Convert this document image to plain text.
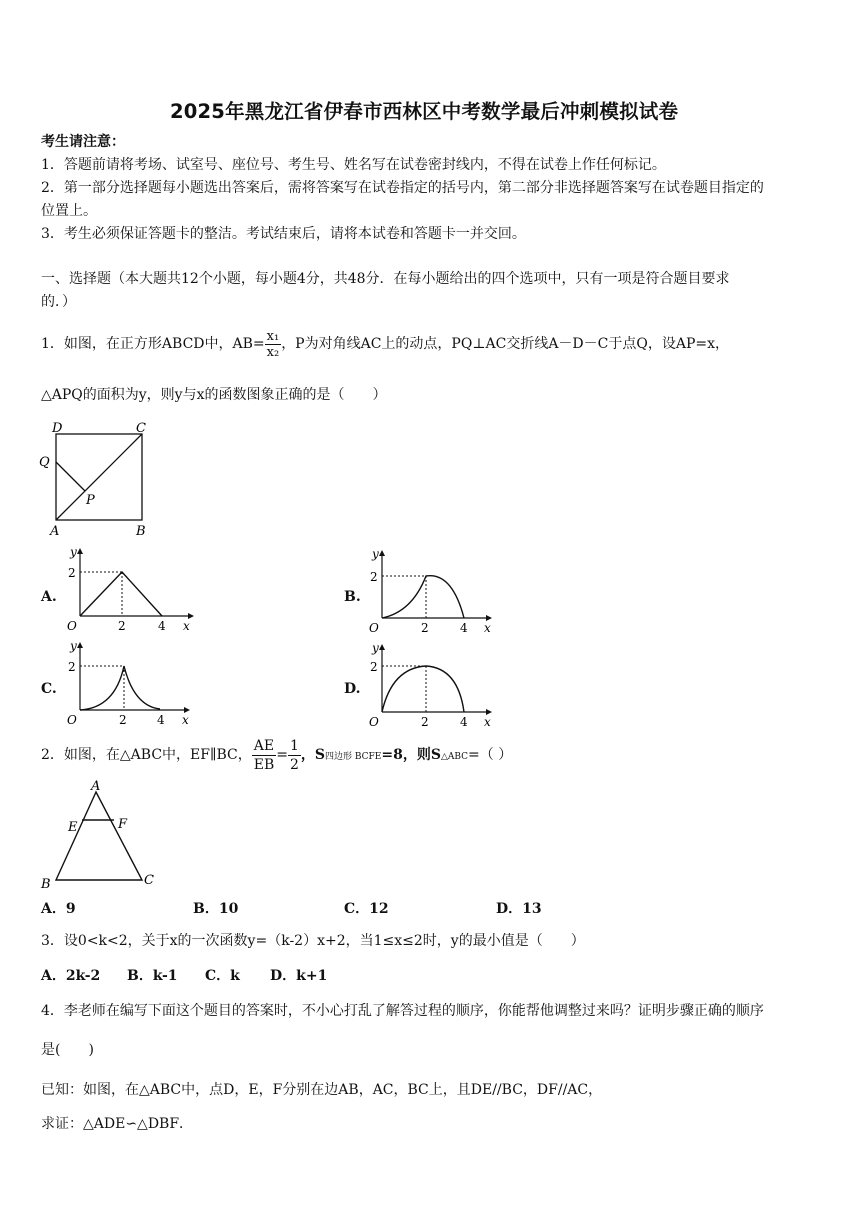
2025年黑龙江省伊春市西林区中考数学最后冲刺模拟试卷
考生请注意：
1．答题前请将考场、试室号、座位号、考生号、姓名写在试卷密封线内，不得在试卷上作任何标记。
2．第一部分选择题每小题选出答案后，需将答案写在试卷指定的括号内，第二部分非选择题答案写在试卷题目指定的
位置上。
3．考生必须保证答题卡的整洁。考试结束后，请将本试卷和答题卡一并交回。
一、选择题（本大题共12个小题，每小题4分，共48分．在每小题给出的四个选项中，只有一项是符合题目要求
的．）
1．如图，在正方形ABCD中，$AB= \frac{\text{x₁}}{\text{x₂}}$ ，P为对角线AC上的动点，PQ⊥AC交折线A－D－C于点Q，设AP=x，
△APQ的面积为y，则y与x的函数图象正确的是（　　）
D	C
Q
P
A	B
A.	B.
C.	D.
y
2
O	2	4 x
y
2
O	2	4 x
y
2
O	2	4 x
y
2
O	2	4 x
2．如图，在△ABC中，EF∥BC， $\frac{AE}{EB} = \frac{1}{2}$ ，S四边形 BCFE=8，则S△ABC=（ ）
A
E	F
B	C
A．9	B．10	C．12	D．13
3．设0<k<2，关于x的一次函数y=（k-2）x+2，当1≤x≤2时，y的最小值是（　　）
A．2k-2 B．k-1 C．k D．k+1
4．李老师在编写下面这个题目的答案时，不小心打乱了解答过程的顺序，你能帮他调整过来吗？证明步骤正确的顺序
是(　　)
已知：如图，在△ABC中，点D，E，F分别在边AB，AC，BC上，且DE//BC，DF//AC，
求证：△ADE∽△DBF．
